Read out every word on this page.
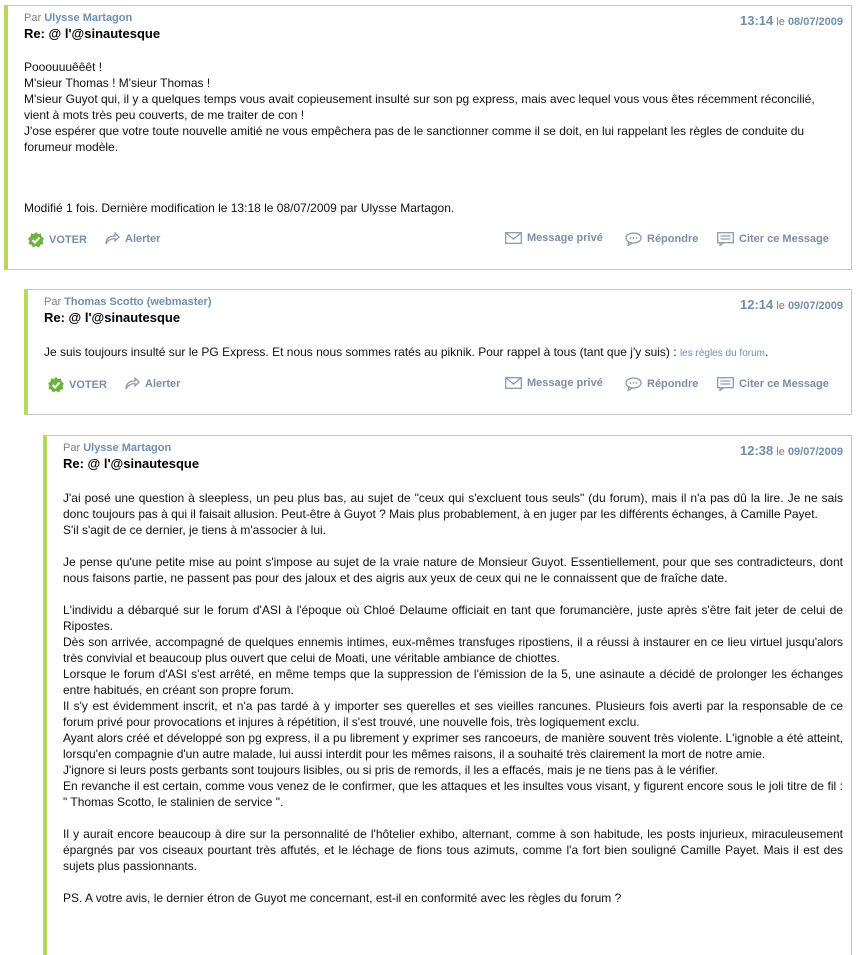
Par Ulysse Martagon
Re: @ l'@sinautesque
13:14 le 08/07/2009

Pooouuuêêêt !

M'sieur Thomas ! M'sieur Thomas !

M'sieur Guyot qui, il y a quelques temps vous avait copieusement insulté sur son pg express, mais avec lequel vous vous êtes récemment réconcilié, vient à mots très peu couverts, de me traiter de con !

J'ose espérer que votre toute nouvelle amitié ne vous empêchera pas de le sanctionner comme il se doit, en lui rappelant les règles de conduite du forumeur modèle.

Modifié 1 fois. Dernière modification le 13:18 le 08/07/2009 par Ulysse Martagon.

VOTER	Alerter	Message privé	Répondre	Citer ce Message
Par Thomas Scotto (webmaster)
Re: @ l'@sinautesque
12:14 le 09/07/2009

Je suis toujours insulté sur le PG Express. Et nous nous sommes ratés au piknik. Pour rappel à tous (tant que j'y suis) : les règles du forum.

VOTER	Alerter	Message privé	Répondre	Citer ce Message
Par Ulysse Martagon
Re: @ l'@sinautesque
12:38 le 09/07/2009

J'ai posé une question à sleepless, un peu plus bas, au sujet de "ceux qui s'excluent tous seuls" (du forum), mais il n'a pas dû la lire. Je ne sais donc toujours pas à qui il faisait allusion. Peut-être à Guyot ? Mais plus probablement, à en juger par les différents échanges, à Camille Payet.

S'il s'agit de ce dernier, je tiens à m'associer à lui.

Je pense qu'une petite mise au point s'impose au sujet de la vraie nature de Monsieur Guyot. Essentiellement, pour que ses contradicteurs, dont nous faisons partie, ne passent pas pour des jaloux et des aigris aux yeux de ceux qui ne le connaissent que de fraîche date.

L'individu a débarqué sur le forum d'ASI à l'époque où Chloé Delaume officiait en tant que forumancière, juste après s'être fait jeter de celui de Ripostes.

Dès son arrivée, accompagné de quelques ennemis intimes, eux-mêmes transfuges ripostiens, il a réussi à instaurer en ce lieu virtuel jusqu'alors très convivial et beaucoup plus ouvert que celui de Moati, une véritable ambiance de chiottes.

Lorsque le forum d'ASI s'est arrêté, en même temps que la suppression de l'émission de la 5, une asinaute a décidé de prolonger les échanges entre habitués, en créant son propre forum.

Il s'y est évidemment inscrit, et n'a pas tardé à y importer ses querelles et ses vieilles rancunes. Plusieurs fois averti par la responsable de ce forum privé pour provocations et injures à répétition, il s'est trouvé, une nouvelle fois, très logiquement exclu.

Ayant alors créé et développé son pg express, il a pu librement y exprimer ses rancoeurs, de manière souvent très violente. L'ignoble a été atteint, lorsqu'en compagnie d'un autre malade, lui aussi interdit pour les mêmes raisons, il a souhaité très clairement la mort de notre amie.

J'ignore si leurs posts gerbants sont toujours lisibles, ou si pris de remords, il les a effacés, mais je ne tiens pas à le vérifier.

En revanche il est certain, comme vous venez de le confirmer, que les attaques et les insultes vous visant, y figurent encore sous le joli titre de fil : " Thomas Scotto, le stalinien de service ".

Il y aurait encore beaucoup à dire sur la personnalité de l'hôtelier exhibo, alternant, comme à son habitude, les posts injurieux, miraculeusement épargnés par vos ciseaux pourtant très affutés, et le léchage de fions tous azimuts, comme l'a fort bien souligné Camille Payet. Mais il est des sujets plus passionnants.

PS. A votre avis, le dernier étron de Guyot me concernant, est-il en conformité avec les règles du forum ?
